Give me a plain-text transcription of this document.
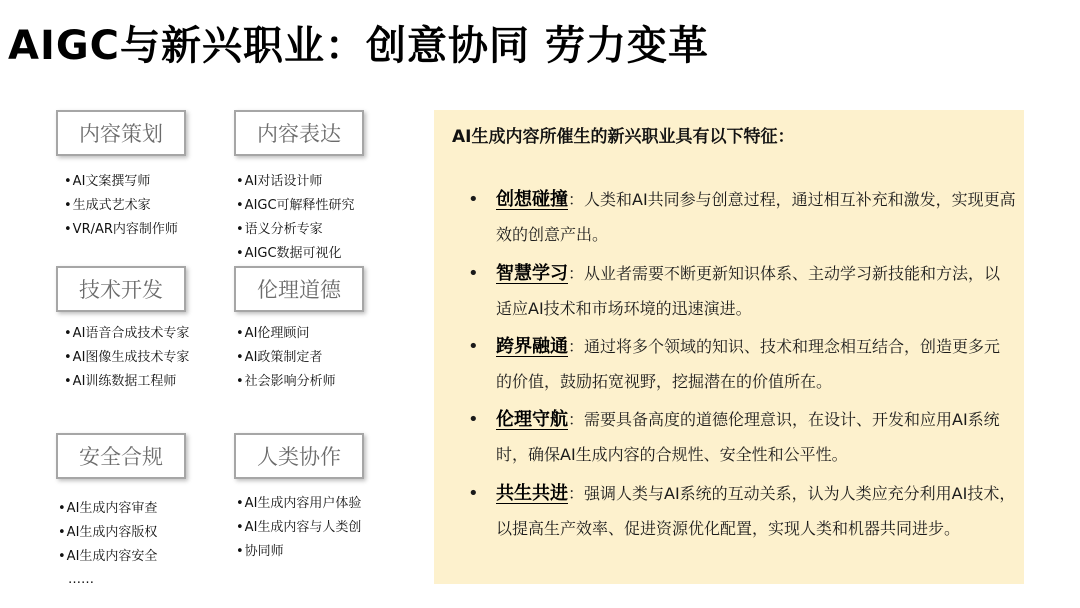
AIGC与新兴职业：创意协同 劳力变革
内容策划	内容表达
技术开发	伦理道德
安全合规	人类协作
• AI文案撰写师
• 生成式艺术家
• VR/AR内容制作师
• AI对话设计师
• AIGC可解释性研究
• 语义分析专家
• AIGC数据可视化
• AI语音合成技术专家
• AI图像生成技术专家
• AI训练数据工程师
• AI伦理顾问
• AI政策制定者
• 社会影响分析师
• AI生成内容审查
• AI生成内容版权
• AI生成内容安全
• AI生成内容用户体验
• AI生成内容与人类创
• 协同师
……
AI生成内容所催生的新兴职业具有以下特征：
• 创想碰撞：人类和AI共同参与创意过程，通过相互补充和激发，实现更高效的创意产出。
• 智慧学习：从业者需要不断更新知识体系、主动学习新技能和方法，以适应AI技术和市场环境的迅速演进。
• 跨界融通：通过将多个领域的知识、技术和理念相互结合，创造更多元的价值，鼓励拓宽视野，挖掘潜在的价值所在。
• 伦理守航：需要具备高度的道德伦理意识，在设计、开发和应用AI系统时，确保AI生成内容的合规性、安全性和公平性。
• 共生共进：强调人类与AI系统的互动关系，认为人类应充分利用AI技术，以提高生产效率、促进资源优化配置，实现人类和机器共同进步。
